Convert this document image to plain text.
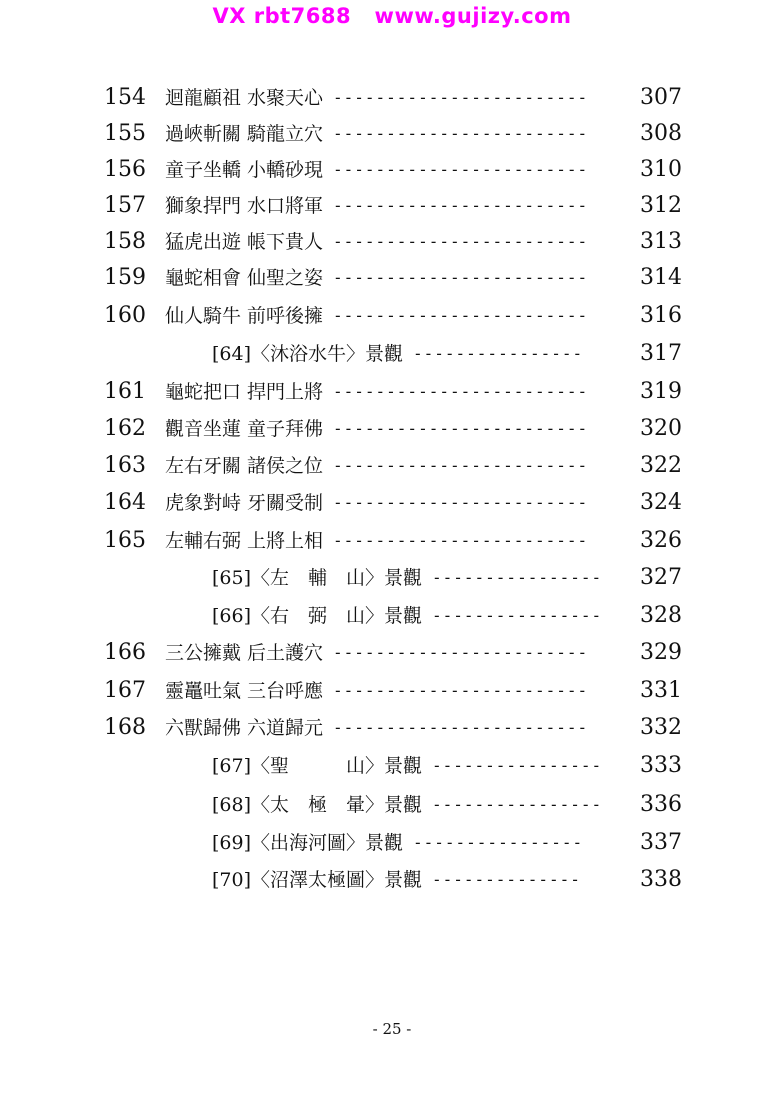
VX rbt7688   www.gujizy.com
154 迴龍顧祖 水聚天心 ------------------------	307
155 過峽斬關 騎龍立穴 ------------------------	308
156 童子坐轎 小轎砂現 ------------------------	310
157 獅象捍門 水口將軍 ------------------------	312
158 猛虎出遊 帳下貴人 ------------------------	313
159 龜蛇相會 仙聖之姿 ------------------------	314
160 仙人騎牛 前呼後擁 ------------------------	316
[64]〈沐浴水牛〉景觀 ----------------	317
161 龜蛇把口 捍門上將 ------------------------	319
162 觀音坐蓮 童子拜佛 ------------------------	320
163 左右牙關 諸侯之位 ------------------------	322
164 虎象對峙 牙關受制 ------------------------	324
165 左輔右弼 上將上相 ------------------------	326
[65]〈左　輔　山〉景觀 ----------------	327
[66]〈右　弼　山〉景觀 ----------------	328
166 三公擁戴 后土護穴 ------------------------	329
167 靈鼉吐氣 三台呼應 ------------------------	331
168 六獸歸佛 六道歸元 ------------------------	332
[67]〈聖　　　山〉景觀 ----------------	333
[68]〈太　極　暈〉景觀 ----------------	336
[69]〈出海河圖〉景觀 ----------------	337
[70]〈沼澤太極圖〉景觀 --------------	338
- 25 -
